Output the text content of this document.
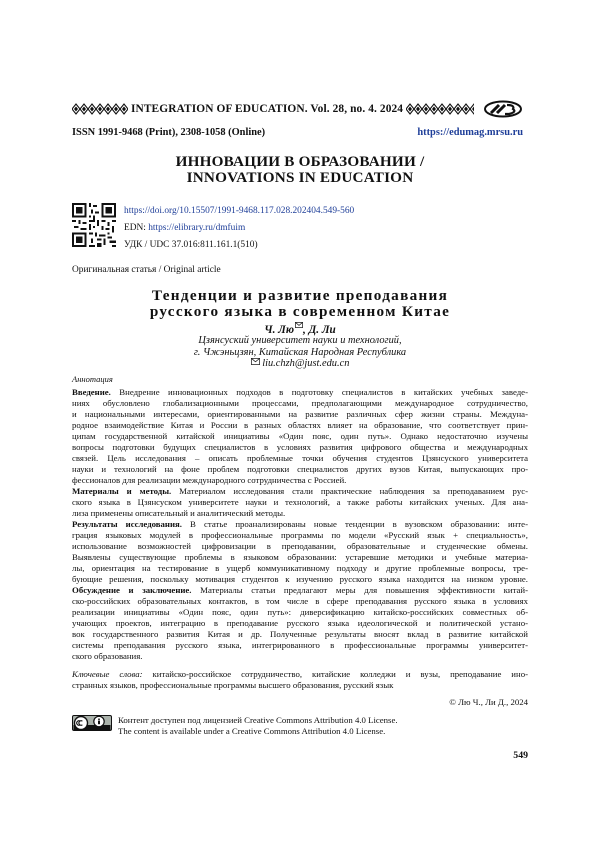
INTEGRATION OF EDUCATION. Vol. 28, no. 4. 2024
ISSN 1991-9468 (Print), 2308-1058 (Online)	https://edumag.mrsu.ru
ИННОВАЦИИ В ОБРАЗОВАНИИ /
INNOVATIONS IN EDUCATION
https://doi.org/10.15507/1991-9468.117.028.202404.549-560
EDN: https://elibrary.ru/dmfuim
УДК / UDC 37.016:811.161.1(510)
Оригинальная статья / Original article
Тенденции и развитие преподавания
русского языка в современном Китае
Ч. Лю , Д. Ли
Цзянсуский университет науки и технологий,
г. Чжэньцзян, Китайская Народная Республика
liu.chzh@just.edu.cn
Аннотация
Введение. Внедрение инновационных подходов в подготовку специалистов в китайских учебных заведе-
ниях обусловлено глобализационными процессами, предполагающими международное сотрудничество,
и национальными интересами, ориентированными на развитие различных сфер жизни страны. Междуна-
родное взаимодействие Китая и России в разных областях влияет на образование, что соответствует прин-
ципам государственной китайской инициативы «Один пояс, один путь». Однако недостаточно изучены
вопросы подготовки будущих специалистов в условиях развития цифрового общества и международных
связей. Цель исследования – описать проблемные точки обучения студентов Цзянсуского университета
науки и технологий на фоне проблем подготовки специалистов других вузов Китая, выпускающих про-
фессионалов для реализации международного сотрудничества с Россией.
Материалы и методы. Материалом исследования стали практические наблюдения за преподаванием рус-
ского языка в Цзянсуском университете науки и технологий, а также работы китайских ученых. Для ана-
лиза применены описательный и аналитический методы.
Результаты исследования. В статье проанализированы новые тенденции в вузовском образовании: инте-
грация языковых модулей в профессиональные программы по модели «Русский язык + специальность»,
использование возможностей цифровизации в преподавании, образовательные и студенческие обмены.
Выявлены существующие проблемы в языковом образовании: устаревшие методики и учебные материа-
лы, ориентация на тестирование в ущерб коммуникативному подходу и другие проблемные вопросы, тре-
бующие решения, поскольку мотивация студентов к изучению русского языка находится на низком уровне.
Обсуждение и заключение. Материалы статьи предлагают меры для повышения эффективности китай-
ско-российских образовательных контактов, в том числе в сфере преподавания русского языка в условиях
реализации инициативы «Один пояс, один путь»: диверсификацию китайско-российских совместных об-
учающих проектов, интеграцию в преподавание русского языка идеологической и политической устано-
вок государственного развития Китая и др. Полученные результаты вносят вклад в развитие китайской
системы преподавания русского языка, интегрированного в профессиональные программы университет-
ского образования.
Ключевые слова: китайско-российское сотрудничество, китайские колледжи и вузы, преподавание ино-
странных языков, профессиональные программы высшего образования, русский язык
© Лю Ч., Ли Д., 2024
Контент доступен под лицензией Creative Commons Attribution 4.0 License.
The content is available under a Creative Commons Attribution 4.0 License.
549
